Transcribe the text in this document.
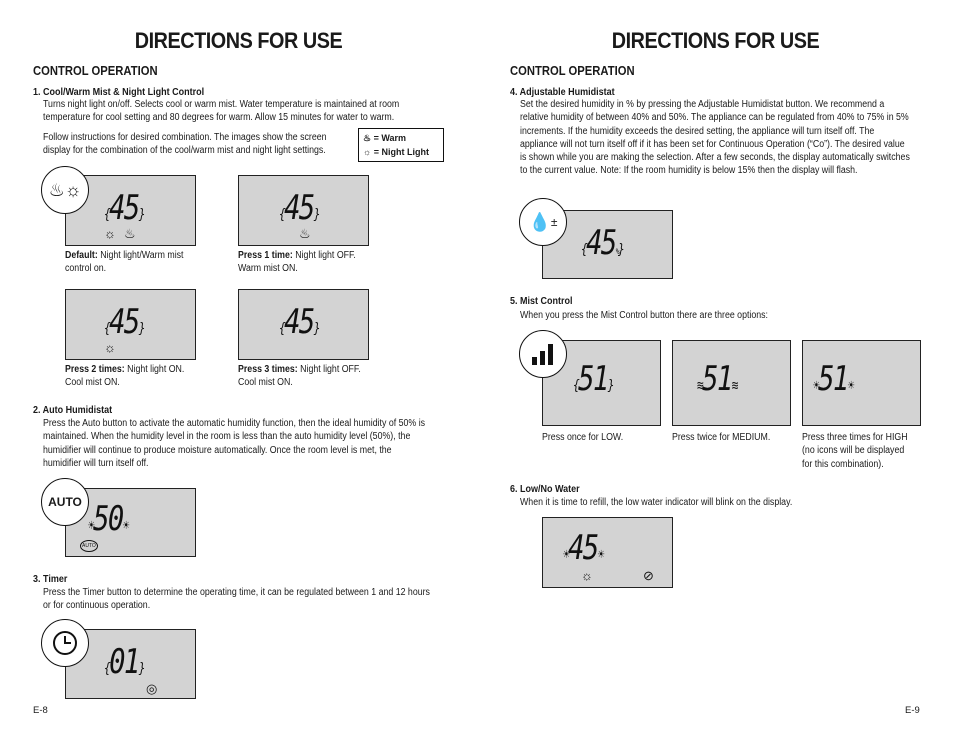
DIRECTIONS FOR USE
CONTROL OPERATION
1. Cool/Warm Mist & Night Light Control
Turns night light on/off. Selects cool or warm mist. Water temperature is maintained at room temperature for cool setting and 80 degrees for warm. Allow 15 minutes for water to warm.
Follow instructions for desired combination. The images show the screen display for the combination of the cool/warm mist and night light settings.
♨ = Warm
☼ = Night Light
♨☼
{45}
☼ ♨
Default: Night light/Warm mist control on.
{45}
♨
Press 1 time: Night light OFF. Warm mist ON.
{45}
☼
Press 2 times: Night light ON. Cool mist ON.
{45}
Press 3 times: Night light OFF. Cool mist ON.
2. Auto Humidistat
Press the Auto button to activate the automatic humidity function, then the ideal humidity of 50% is maintained. When the humidity level in the room is less than the auto humidity level (50%), the humidifier will continue to produce moisture automatically. Once the room level is met, the humidifier will turn itself off.
AUTO
☀50☀
AUTO
3. Timer
Press the Timer button to determine the operating time, it can be regulated between 1 and 12 hours or for continuous operation.
{01}
◎
E-8
DIRECTIONS FOR USE
CONTROL OPERATION
4. Adjustable Humidistat
Set the desired humidity in % by pressing the Adjustable Humidistat button. We recommend a relative humidity of between 40% and 50%. The appliance can be regulated from 40% to 75% in 5% increments. If the humidity exceeds the desired setting, the appliance will turn itself off. The appliance will not turn itself off if it has been set for Continuous Operation (“Co”). The desired value is shown while you are making the selection. After a few seconds, the display automatically switches to the current value. Note: If the room humidity is below 15% then the display will flash.
💧 ±
{45%}
5. Mist Control
When you press the Mist Control button there are three options:
{51}
Press once for LOW.
≋51≋
Press twice for MEDIUM.
☀51☀
Press three times for HIGH (no icons will be displayed for this combination).
6. Low/No Water
When it is time to refill, the low water indicator will blink on the display.
☀45☀
☼	⊘
E-9
